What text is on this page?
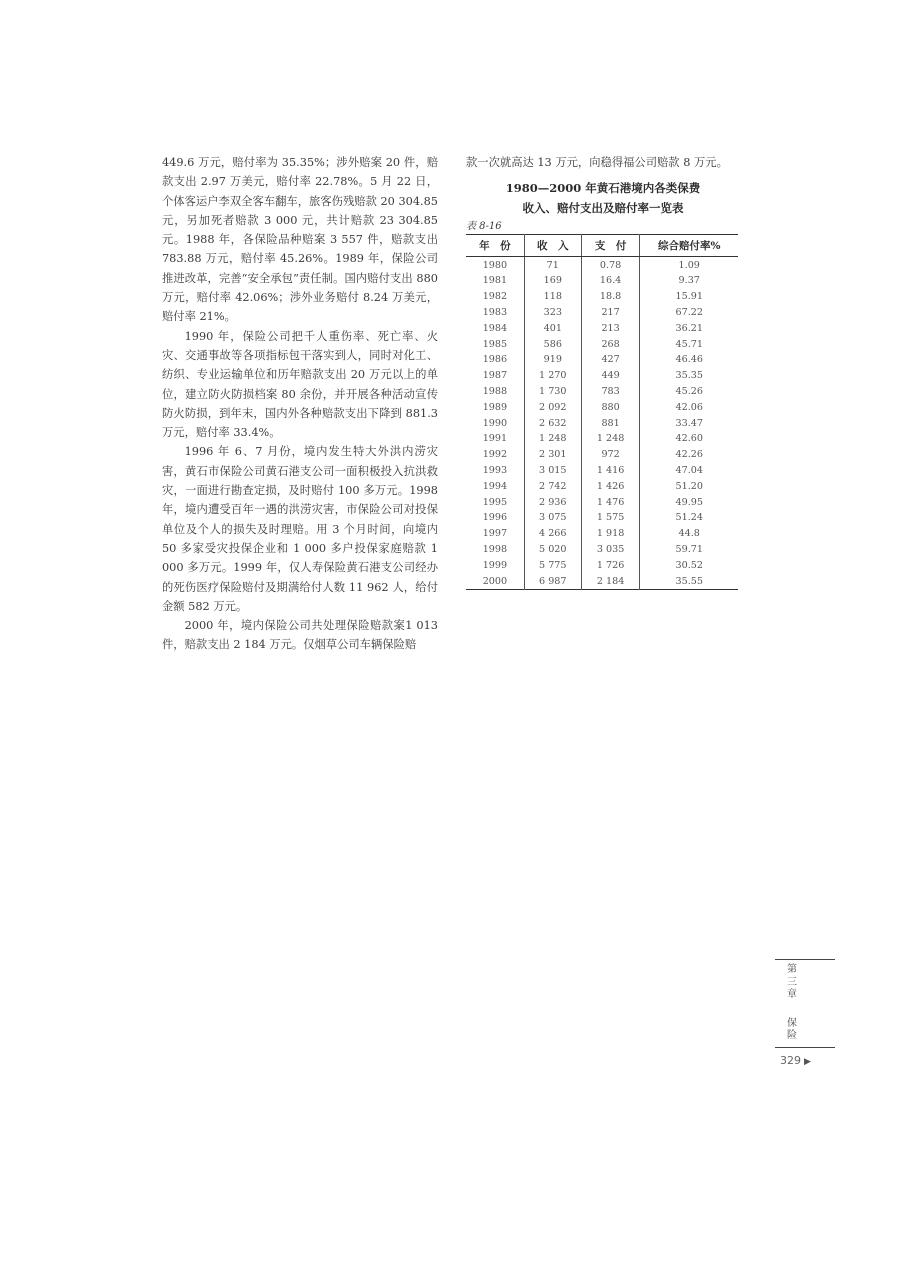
449.6 万元，赔付率为 35.35%；涉外赔案 20 件，赔款支出 2.97 万美元，赔付率 22.78%。5 月 22 日，个体客运户李双全客车翻车，旅客伤残赔款 20 304.85 元，另加死者赔款 3 000 元，共计赔款 23 304.85 元。1988 年，各保险品种赔案 3 557 件，赔款支出 783.88 万元，赔付率 45.26%。1989 年，保险公司推进改革，完善“安全承包”责任制。国内赔付支出 880 万元，赔付率 42.06%；涉外业务赔付 8.24 万美元，赔付率 21%。

1990 年，保险公司把千人重伤率、死亡率、火灾、交通事故等各项指标包干落实到人，同时对化工、纺织、专业运输单位和历年赔款支出 20 万元以上的单位，建立防火防损档案 80 余份，并开展各种活动宣传防火防损，到年末，国内外各种赔款支出下降到 881.3 万元，赔付率 33.4%。

1996 年 6、7 月份，境内发生特大外洪内涝灾害，黄石市保险公司黄石港支公司一面积极投入抗洪救灾，一面进行勘查定损，及时赔付 100 多万元。1998 年，境内遭受百年一遇的洪涝灾害，市保险公司对投保单位及个人的损失及时理赔。用 3 个月时间，向境内 50 多家受灾投保企业和 1 000 多户投保家庭赔款 1 000 多万元。1999 年，仅人寿保险黄石港支公司经办的死伤医疗保险赔付及期满给付人数 11 962 人，给付金额 582 万元。

2000 年，境内保险公司共处理保险赔款案1 013 件，赔款支出 2 184 万元。仅烟草公司车辆保险赔

款一次就高达 13 万元，向稳得福公司赔款 8 万元。

1980—2000 年黄石港境内各类保费
收入、赔付支出及赔付率一览表
表 8-16
年　份	收　入	支　付	综合赔付率%
1980	71	0.78	1.09
1981	169	16.4	9.37
1982	118	18.8	15.91
1983	323	217	67.22
1984	401	213	36.21
1985	586	268	45.71
1986	919	427	46.46
1987	1 270	449	35.35
1988	1 730	783	45.26
1989	2 092	880	42.06
1990	2 632	881	33.47
1991	1 248	1 248	42.60
1992	2 301	972	42.26
1993	3 015	1 416	47.04
1994	2 742	1 426	51.20
1995	2 936	1 476	49.95
1996	3 075	1 575	51.24
1997	4 266	1 918	44.8
1998	5 020	3 035	59.71
1999	5 775	1 726	30.52
2000	6 987	2 184	35.55
第三章
保险
329 ▶
